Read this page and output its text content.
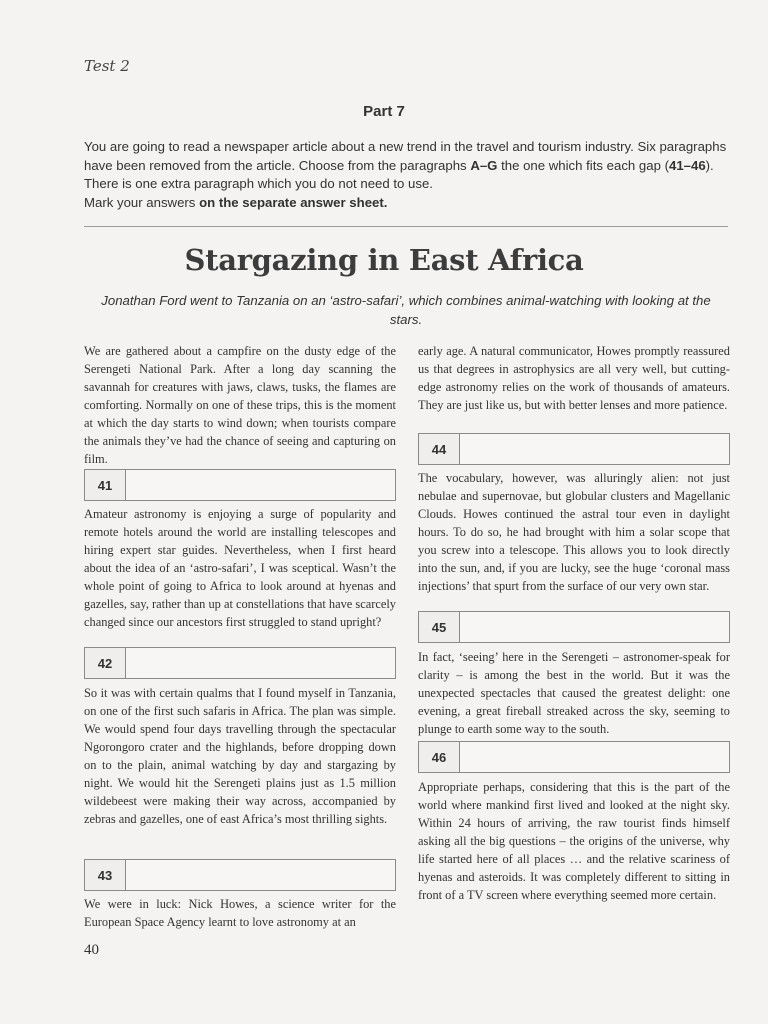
Test 2
Part 7
You are going to read a newspaper article about a new trend in the travel and tourism industry. Six paragraphs have been removed from the article. Choose from the paragraphs A–G the one which fits each gap (41–46). There is one extra paragraph which you do not need to use.
Mark your answers on the separate answer sheet.
Stargazing in East Africa
Jonathan Ford went to Tanzania on an ‘astro-safari’, which combines animal-watching with looking at the stars.
We are gathered about a campfire on the dusty edge of the Serengeti National Park. After a long day scanning the savannah for creatures with jaws, claws, tusks, the flames are comforting. Normally on one of these trips, this is the moment at which the day starts to wind down; when tourists compare the animals they’ve had the chance of seeing and capturing on film.
41
Amateur astronomy is enjoying a surge of popularity and remote hotels around the world are installing telescopes and hiring expert star guides. Nevertheless, when I first heard about the idea of an ‘astro-safari’, I was sceptical. Wasn’t the whole point of going to Africa to look around at hyenas and gazelles, say, rather than up at constellations that have scarcely changed since our ancestors first struggled to stand upright?
42
So it was with certain qualms that I found myself in Tanzania, on one of the first such safaris in Africa. The plan was simple. We would spend four days travelling through the spectacular Ngorongoro crater and the highlands, before dropping down on to the plain, animal watching by day and stargazing by night. We would hit the Serengeti plains just as 1.5 million wildebeest were making their way across, accompanied by zebras and gazelles, one of east Africa’s most thrilling sights.
43
We were in luck: Nick Howes, a science writer for the European Space Agency learnt to love astronomy at an
early age. A natural communicator, Howes promptly reassured us that degrees in astrophysics are all very well, but cutting-edge astronomy relies on the work of thousands of amateurs. They are just like us, but with better lenses and more patience.
44
The vocabulary, however, was alluringly alien: not just nebulae and supernovae, but globular clusters and Magellanic Clouds. Howes continued the astral tour even in daylight hours. To do so, he had brought with him a solar scope that you screw into a telescope. This allows you to look directly into the sun, and, if you are lucky, see the huge ‘coronal mass injections’ that spurt from the surface of our very own star.
45
In fact, ‘seeing’ here in the Serengeti – astronomer-speak for clarity – is among the best in the world. But it was the unexpected spectacles that caused the greatest delight: one evening, a great fireball streaked across the sky, seeming to plunge to earth some way to the south.
46
Appropriate perhaps, considering that this is the part of the world where mankind first lived and looked at the night sky. Within 24 hours of arriving, the raw tourist finds himself asking all the big questions – the origins of the universe, why life started here of all places … and the relative scariness of hyenas and asteroids. It was completely different to sitting in front of a TV screen where everything seemed more certain.
40
